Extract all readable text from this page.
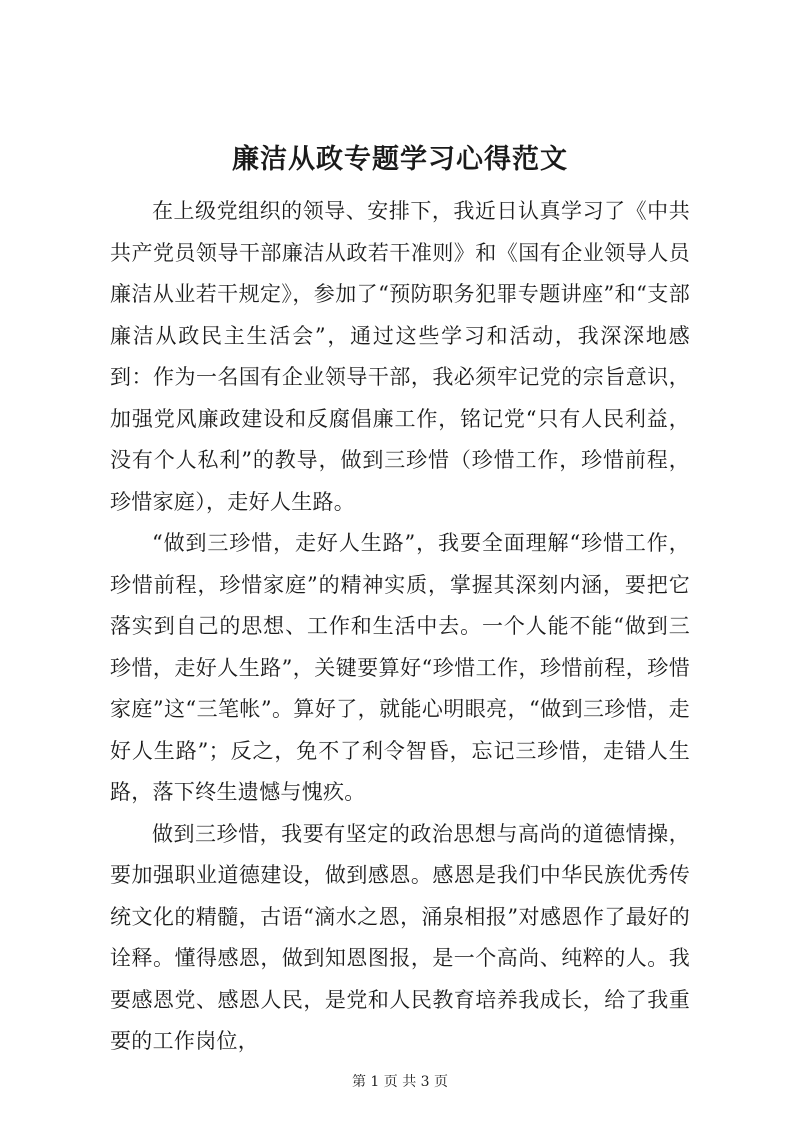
廉洁从政专题学习心得范文

在上级党组织的领导、安排下，我近日认真学习了《中共共产党员领导干部廉洁从政若干准则》和《国有企业领导人员廉洁从业若干规定》，参加了“预防职务犯罪专题讲座”和“支部廉洁从政民主生活会”，通过这些学习和活动，我深深地感到：作为一名国有企业领导干部，我必须牢记党的宗旨意识，加强党风廉政建设和反腐倡廉工作，铭记党“只有人民利益，没有个人私利”的教导，做到三珍惜（珍惜工作，珍惜前程，珍惜家庭），走好人生路。

“做到三珍惜，走好人生路”，我要全面理解“珍惜工作，珍惜前程，珍惜家庭”的精神实质，掌握其深刻内涵，要把它落实到自己的思想、工作和生活中去。一个人能不能“做到三珍惜，走好人生路”，关键要算好“珍惜工作，珍惜前程，珍惜家庭”这“三笔帐”。算好了，就能心明眼亮，“做到三珍惜，走好人生路”；反之，免不了利令智昏，忘记三珍惜，走错人生路，落下终生遗憾与愧疚。

做到三珍惜，我要有坚定的政治思想与高尚的道德情操，要加强职业道德建设，做到感恩。感恩是我们中华民族优秀传统文化的精髓，古语“滴水之恩，涌泉相报”对感恩作了最好的诠释。懂得感恩，做到知恩图报，是一个高尚、纯粹的人。我要感恩党、感恩人民，是党和人民教育培养我成长，给了我重要的工作岗位，

第 1 页 共 3 页
